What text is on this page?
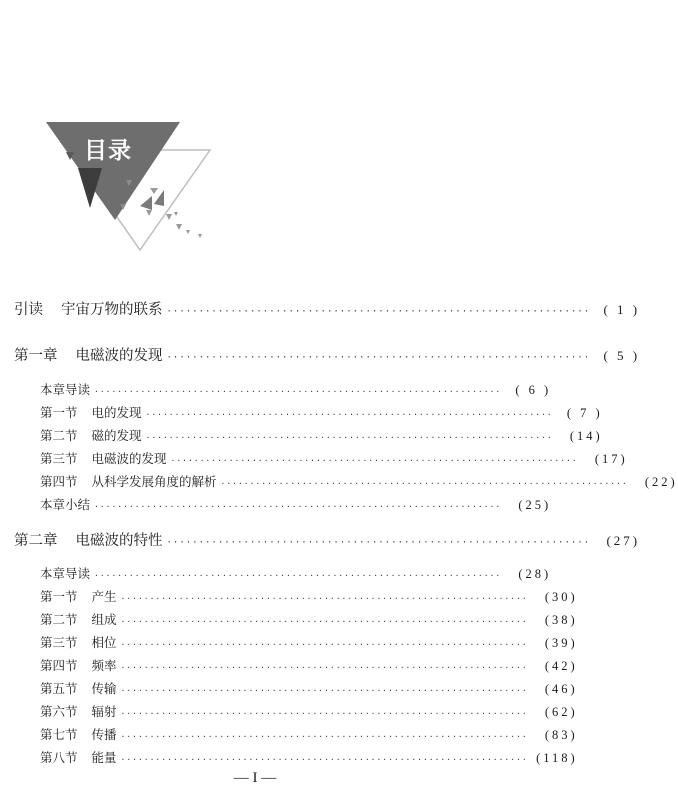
目录
引读 宇宙万物的联系 ··································································	( 1 )
第一章 电磁波的发现 ··································································	( 5 )
本章导读 ······································································	( 6 )
第一节 电的发现 ······································································	( 7 )
第二节 磁的发现 ······································································	(14)
第三节 电磁波的发现 ······································································	(17)
第四节 从科学发展角度的解析 ······································································	(22)
本章小结 ······································································	(25)
第二章 电磁波的特性 ··································································	(27)
本章导读 ······································································	(28)
第一节 产生 ······································································	(30)
第二节 组成 ······································································	(38)
第三节 相位 ······································································	(39)
第四节 频率 ······································································	(42)
第五节 传输 ······································································	(46)
第六节 辐射 ······································································	(62)
第七节 传播 ······································································	(83)
第八节 能量 ······································································ (118)
— I —
